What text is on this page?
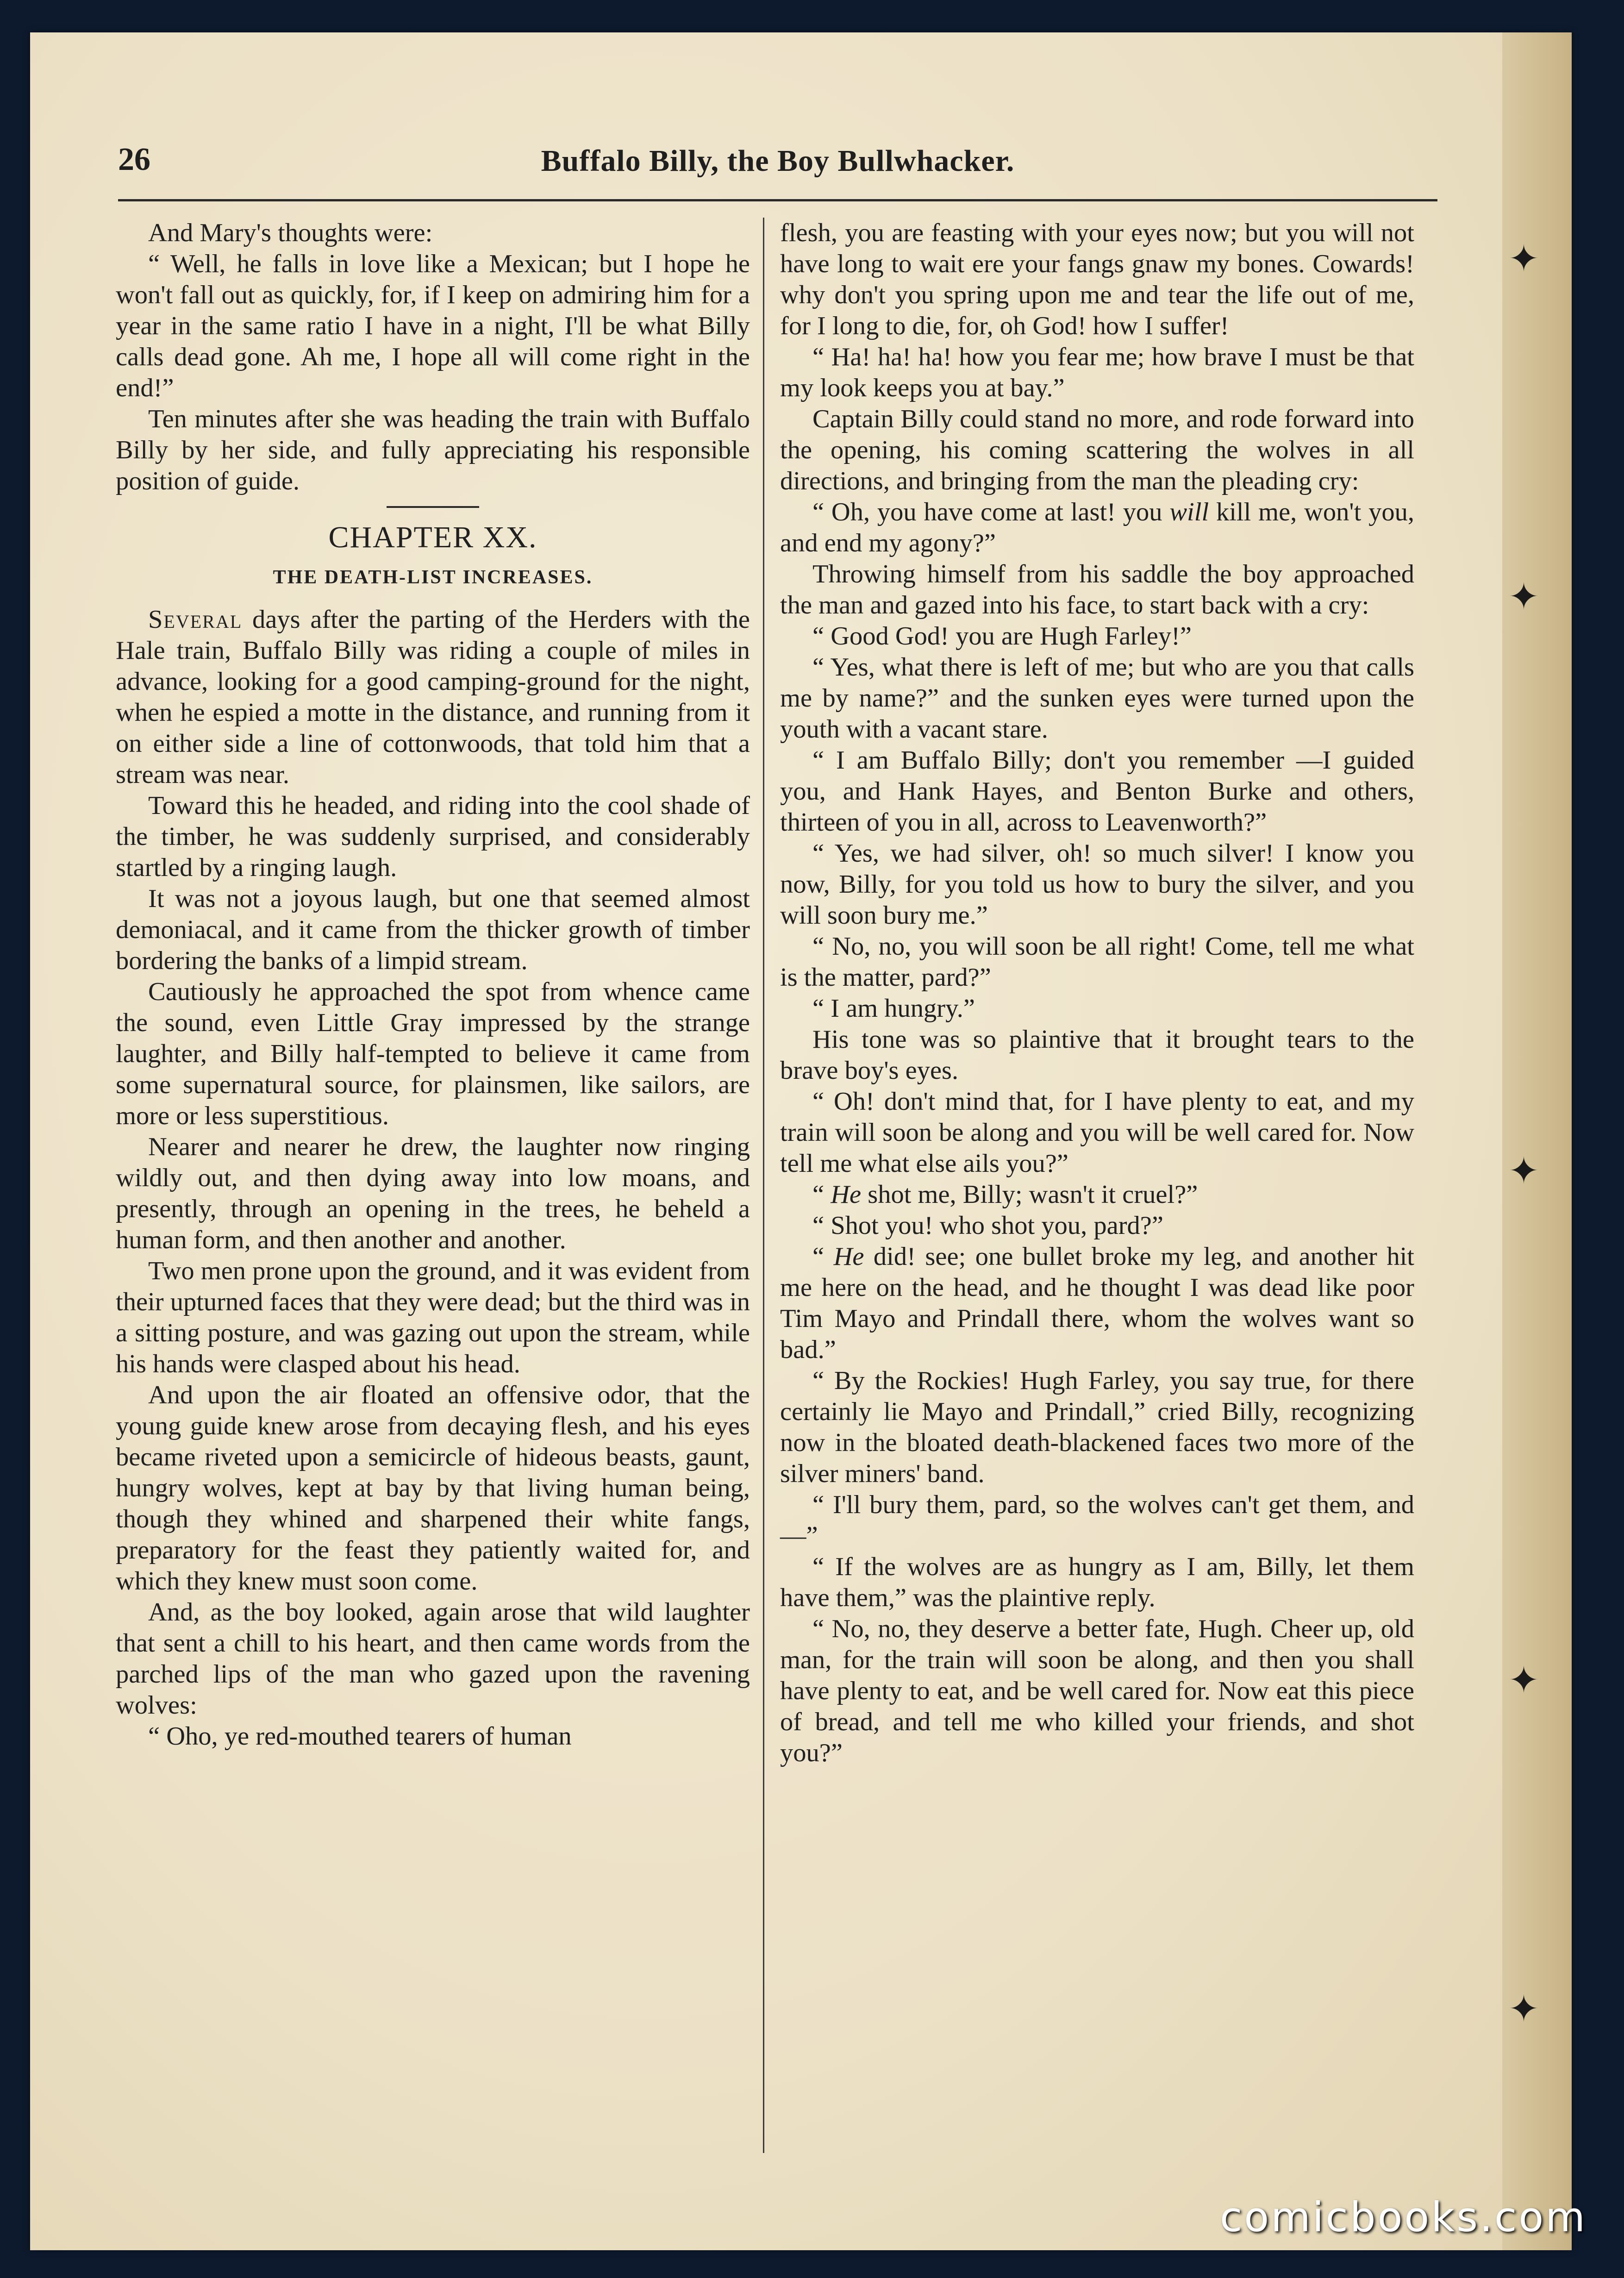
✦
✦
✦
✦
✦
26	Buffalo Billy, the Boy Bullwhacker.

And Mary's thoughts were:

“ Well, he falls in love like a Mexican; but I hope he won't fall out as quickly, for, if I keep on admiring him for a year in the same ratio I have in a night, I'll be what Billy calls dead gone. Ah me, I hope all will come right in the end!”

Ten minutes after she was heading the train with Buffalo Billy by her side, and fully appreciating his responsible position of guide.

CHAPTER XX.
THE DEATH-LIST INCREASES.

Several days after the parting of the Herders with the Hale train, Buffalo Billy was riding a couple of miles in advance, looking for a good camping-ground for the night, when he espied a motte in the distance, and running from it on either side a line of cottonwoods, that told him that a stream was near.

Toward this he headed, and riding into the cool shade of the timber, he was suddenly surprised, and considerably startled by a ringing laugh.

It was not a joyous laugh, but one that seemed almost demoniacal, and it came from the thicker growth of timber bordering the banks of a limpid stream.

Cautiously he approached the spot from whence came the sound, even Little Gray impressed by the strange laughter, and Billy half-tempted to believe it came from some supernatural source, for plainsmen, like sailors, are more or less superstitious.

Nearer and nearer he drew, the laughter now ringing wildly out, and then dying away into low moans, and presently, through an opening in the trees, he beheld a human form, and then another and another.

Two men prone upon the ground, and it was evident from their upturned faces that they were dead; but the third was in a sitting posture, and was gazing out upon the stream, while his hands were clasped about his head.

And upon the air floated an offensive odor, that the young guide knew arose from decaying flesh, and his eyes became riveted upon a semicircle of hideous beasts, gaunt, hungry wolves, kept at bay by that living human being, though they whined and sharpened their white fangs, preparatory for the feast they patiently waited for, and which they knew must soon come.

And, as the boy looked, again arose that wild laughter that sent a chill to his heart, and then came words from the parched lips of the man who gazed upon the ravening wolves:

“ Oho, ye red-mouthed tearers of human

flesh, you are feasting with your eyes now; but you will not have long to wait ere your fangs gnaw my bones. Cowards! why don't you spring upon me and tear the life out of me, for I long to die, for, oh God! how I suffer!

“ Ha! ha! ha! how you fear me; how brave I must be that my look keeps you at bay.”

Captain Billy could stand no more, and rode forward into the opening, his coming scattering the wolves in all directions, and bringing from the man the pleading cry:

“ Oh, you have come at last! you will kill me, won't you, and end my agony?”

Throwing himself from his saddle the boy approached the man and gazed into his face, to start back with a cry:

“ Good God! you are Hugh Farley!”

“ Yes, what there is left of me; but who are you that calls me by name?” and the sunken eyes were turned upon the youth with a vacant stare.

“ I am Buffalo Billy; don't you remember —I guided you, and Hank Hayes, and Benton Burke and others, thirteen of you in all, across to Leavenworth?”

“ Yes, we had silver, oh! so much silver! I know you now, Billy, for you told us how to bury the silver, and you will soon bury me.”

“ No, no, you will soon be all right! Come, tell me what is the matter, pard?”

“ I am hungry.”

His tone was so plaintive that it brought tears to the brave boy's eyes.

“ Oh! don't mind that, for I have plenty to eat, and my train will soon be along and you will be well cared for. Now tell me what else ails you?”

“ He shot me, Billy; wasn't it cruel?”

“ Shot you! who shot you, pard?”

“ He did! see; one bullet broke my leg, and another hit me here on the head, and he thought I was dead like poor Tim Mayo and Prindall there, whom the wolves want so bad.”

“ By the Rockies! Hugh Farley, you say true, for there certainly lie Mayo and Prindall,” cried Billy, recognizing now in the bloated death-blackened faces two more of the silver miners' band.

“ I'll bury them, pard, so the wolves can't get them, and—”

“ If the wolves are as hungry as I am, Billy, let them have them,” was the plaintive reply.

“ No, no, they deserve a better fate, Hugh. Cheer up, old man, for the train will soon be along, and then you shall have plenty to eat, and be well cared for. Now eat this piece of bread, and tell me who killed your friends, and shot you?”

comicbooks.com
